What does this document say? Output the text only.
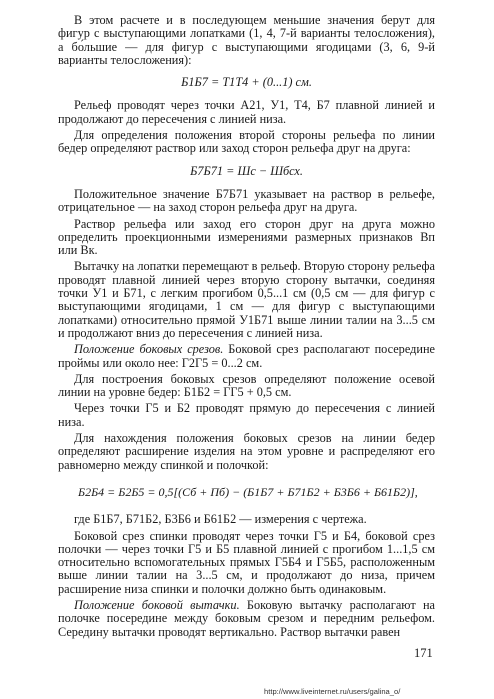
В этом расчете и в последующем меньшие значения берут для фигур с выступающими лопатками (1, 4, 7-й варианты телосложения), а бо́льшие — для фигур с выступающими ягодицами (3, 6, 9-й варианты телосложения):

Б1Б7 = Т1Т4 + (0...1) см.

Рельеф проводят через точки А21, У1, Т4, Б7 плавной линией и продолжают до пересечения с линией низа.

Для определения положения второй стороны рельефа по линии бедер определяют раствор или заход сторон рельефа друг на друга:

Б7Б71 = Шс − Шбсх.

Положительное значение Б7Б71 указывает на раствор в рельефе, отрицательное — на заход сторон рельефа друг на друга.

Раствор рельефа или заход его сторон друг на друга можно определить проекционными измерениями размерных признаков Вп или Вк.

Вытачку на лопатки перемещают в рельеф. Вторую сторону рельефа проводят плавной линией через вторую сторону вытачки, соединяя точки У1 и Б71, с легким прогибом 0,5...1 см (0,5 см — для фигур с выступающими ягодицами, 1 см — для фигур с выступающими лопатками) относительно прямой У1Б71 выше линии талии на 3...5 см и продолжают вниз до пересечения с линией низа.

Положение боковых срезов. Боковой срез располагают посередине проймы или около нее: Г2Г5 = 0...2 см.

Для построения боковых срезов определяют положение осевой линии на уровне бедер: Б1Б2 = ГГ5 + 0,5 см.

Через точки Г5 и Б2 проводят прямую до пересечения с линией низа.

Для нахождения положения боковых срезов на линии бедер определяют расширение изделия на этом уровне и распределяют его равномерно между спинкой и полочкой:

Б2Б4 = Б2Б5 = 0,5[(Сб + Пб) − (Б1Б7 + Б71Б2 + Б3Б6 + Б61Б2)],

где Б1Б7, Б71Б2, Б3Б6 и Б61Б2 — измерения с чертежа.

Боковой срез спинки проводят через точки Г5 и Б4, боковой срез полочки — через точки Г5 и Б5 плавной линией с прогибом 1...1,5 см относительно вспомогательных прямых Г5Б4 и Г5Б5, расположенным выше линии талии на 3...5 см, и продолжают до низа, причем расширение низа спинки и полочки должно быть одинаковым.

Положение боковой вытачки. Боковую вытачку располагают на полочке посередине между боковым срезом и передним рельефом. Середину вытачки проводят вертикально. Раствор вытачки равен

171
http://www.liveinternet.ru/users/galina_o/
